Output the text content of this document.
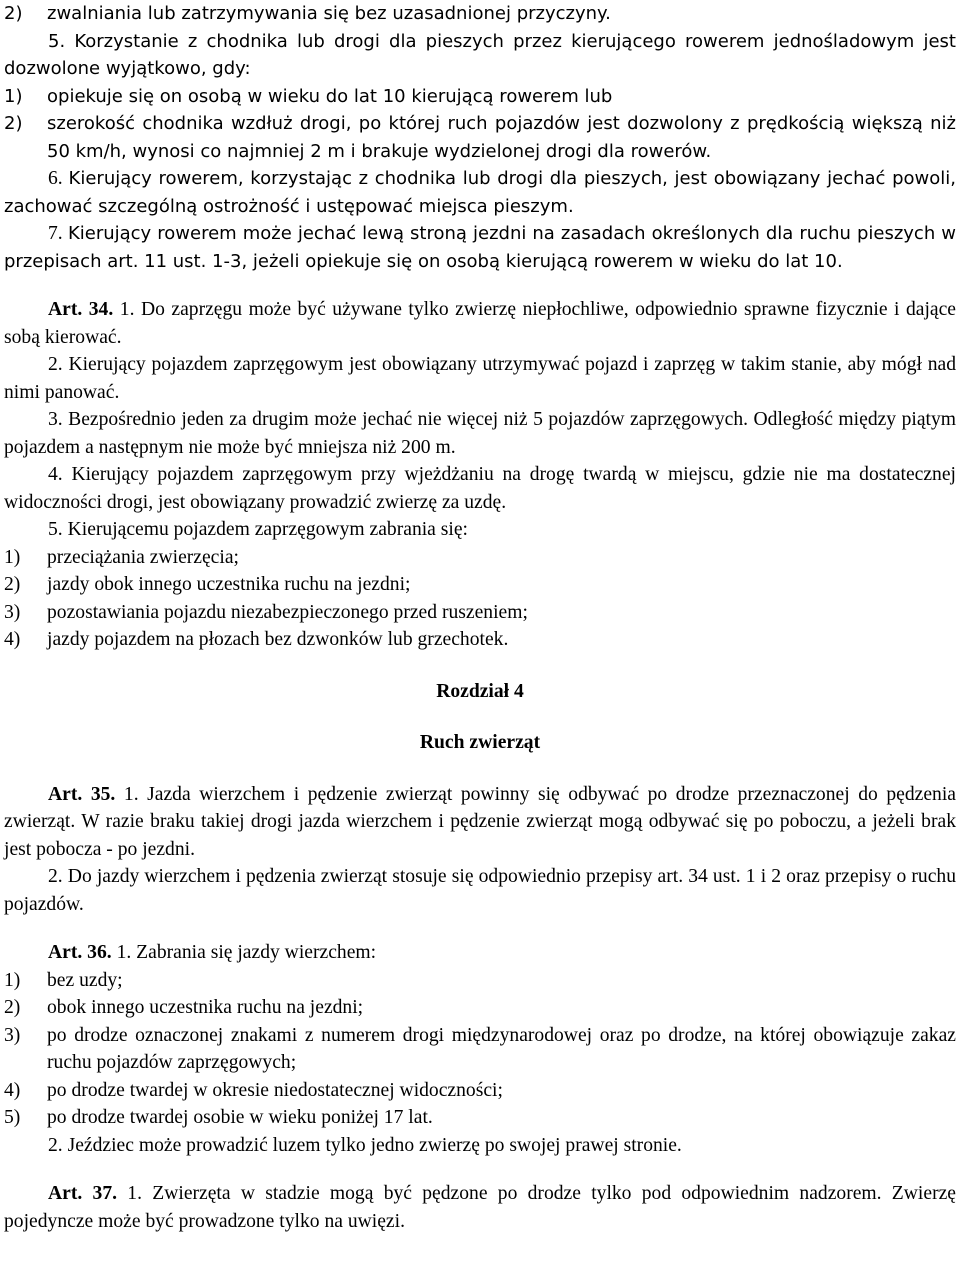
2) zwalniania lub zatrzymywania się bez uzasadnionej przyczyny.

5. Korzystanie z chodnika lub drogi dla pieszych przez kierującego rowerem jednośladowym jest dozwolone wyjątkowo, gdy:

1) opiekuje się on osobą w wieku do lat 10 kierującą rowerem lub

2) szerokość chodnika wzdłuż drogi, po której ruch pojazdów jest dozwolony z prędkością większą niż 50 km/h, wynosi co najmniej 2 m i brakuje wydzielonej drogi dla rowerów.

6. Kierujący rowerem, korzystając z chodnika lub drogi dla pieszych, jest obowiązany jechać powoli, zachować szczególną ostrożność i ustępować miejsca pieszym.

7. Kierujący rowerem może jechać lewą stroną jezdni na zasadach określonych dla ruchu pieszych w przepisach art. 11 ust. 1-3, jeżeli opiekuje się on osobą kierującą rowerem w wieku do lat 10.

Art. 34. 1. Do zaprzęgu może być używane tylko zwierzę niepłochliwe, odpowiednio sprawne fizycznie i dające sobą kierować.

2. Kierujący pojazdem zaprzęgowym jest obowiązany utrzymywać pojazd i zaprzęg w takim stanie, aby mógł nad nimi panować.

3. Bezpośrednio jeden za drugim może jechać nie więcej niż 5 pojazdów zaprzęgowych. Odległość między piątym pojazdem a następnym nie może być mniejsza niż 200 m.

4. Kierujący pojazdem zaprzęgowym przy wjeżdżaniu na drogę twardą w miejscu, gdzie nie ma dostatecznej widoczności drogi, jest obowiązany prowadzić zwierzę za uzdę.

5. Kierującemu pojazdem zaprzęgowym zabrania się:

1) przeciążania zwierzęcia;

2) jazdy obok innego uczestnika ruchu na jezdni;

3) pozostawiania pojazdu niezabezpieczonego przed ruszeniem;

4) jazdy pojazdem na płozach bez dzwonków lub grzechotek.

Rozdział 4

Ruch zwierząt

Art. 35. 1. Jazda wierzchem i pędzenie zwierząt powinny się odbywać po drodze przeznaczonej do pędzenia zwierząt. W razie braku takiej drogi jazda wierzchem i pędzenie zwierząt mogą odbywać się po poboczu, a jeżeli brak jest pobocza - po jezdni.

2. Do jazdy wierzchem i pędzenia zwierząt stosuje się odpowiednio przepisy art. 34 ust. 1 i 2 oraz przepisy o ruchu pojazdów.

Art. 36. 1. Zabrania się jazdy wierzchem:

1) bez uzdy;

2) obok innego uczestnika ruchu na jezdni;

3) po drodze oznaczonej znakami z numerem drogi międzynarodowej oraz po drodze, na której obowiązuje zakaz ruchu pojazdów zaprzęgowych;

4) po drodze twardej w okresie niedostatecznej widoczności;

5) po drodze twardej osobie w wieku poniżej 17 lat.

2. Jeździec może prowadzić luzem tylko jedno zwierzę po swojej prawej stronie.

Art. 37. 1. Zwierzęta w stadzie mogą być pędzone po drodze tylko pod odpowiednim nadzorem. Zwierzę pojedyncze może być prowadzone tylko na uwięzi.
